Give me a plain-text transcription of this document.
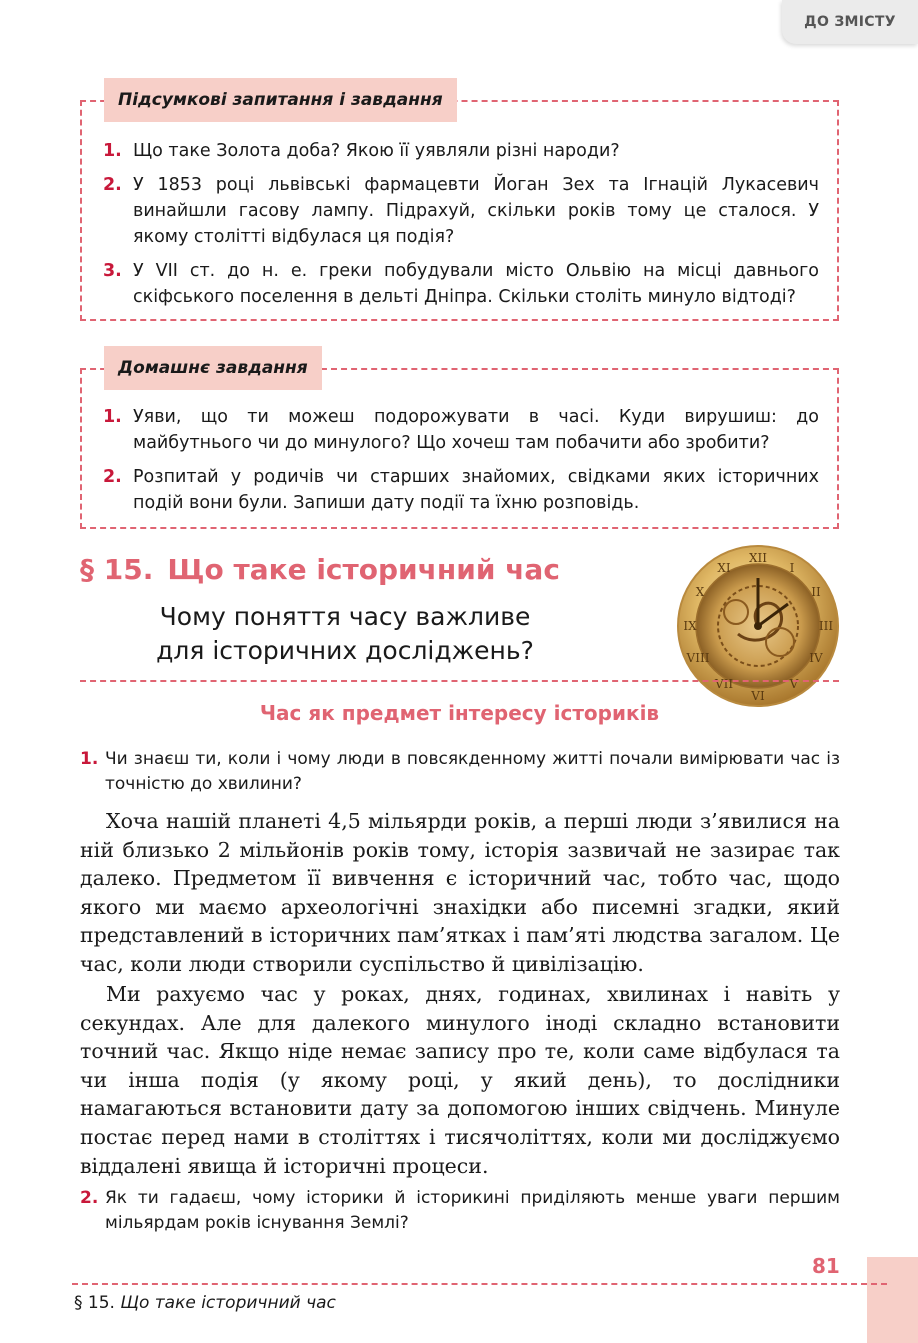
ДО ЗМІСТУ
Підсумкові запитання і завдання
1. Що таке Золота доба? Якою її уявляли різні народи?
2. У 1853 році львівські фармацевти Йоган Зех та Ігнацій Лукасевич винайшли гасову лампу. Підрахуй, скільки років тому це сталося. У якому столітті відбулася ця подія?
3. У VII ст. до н. е. греки побудували місто Ольвію на місці давнього скіфського поселення в дельті Дніпра. Скільки століть минуло відтоді?
Домашнє завдання
1. Уяви, що ти можеш подорожувати в часі. Куди вирушиш: до майбутнього чи до минулого? Що хочеш там побачити або зробити?
2. Розпитай у родичів чи старших знайомих, свідками яких історичних подій вони були. Запиши дату події та їхню розповідь.
§ 15. Що таке історичний час
Чому поняття часу важливе
для історичних досліджень?
XII
I
II
III
IV
V
VI
VII
VIII
IX
X
XI
Час як предмет інтересу істориків
1. Чи знаєш ти, коли і чому люди в повсякденному житті почали вимірювати час із точністю до хвилини?

Хоча нашій планеті 4,5 мільярди років, а перші люди з’явилися на ній близько 2 мільйонів років тому, історія зазвичай не зазирає так далеко. Предметом її вивчення є історичний час, тобто час, щодо якого ми маємо археологічні знахідки або писемні згадки, який представлений в історичних пам’ятках і пам’яті людства загалом. Це час, коли люди створили суспільство й цивілізацію.

Ми рахуємо час у роках, днях, годинах, хвилинах і навіть у секундах. Але для далекого минулого іноді складно встановити точний час. Якщо ніде немає запису про те, коли саме відбулася та чи інша подія (у якому році, у який день), то дослідники намагаються встановити дату за допомогою інших свідчень. Минуле постає перед нами в століттях і тисячоліттях, коли ми досліджуємо віддалені явища й історичні процеси.

2. Як ти гадаєш, чому історики й історикині приділяють менше уваги першим мільярдам років існування Землі?
81
§ 15. Що таке історичний час
